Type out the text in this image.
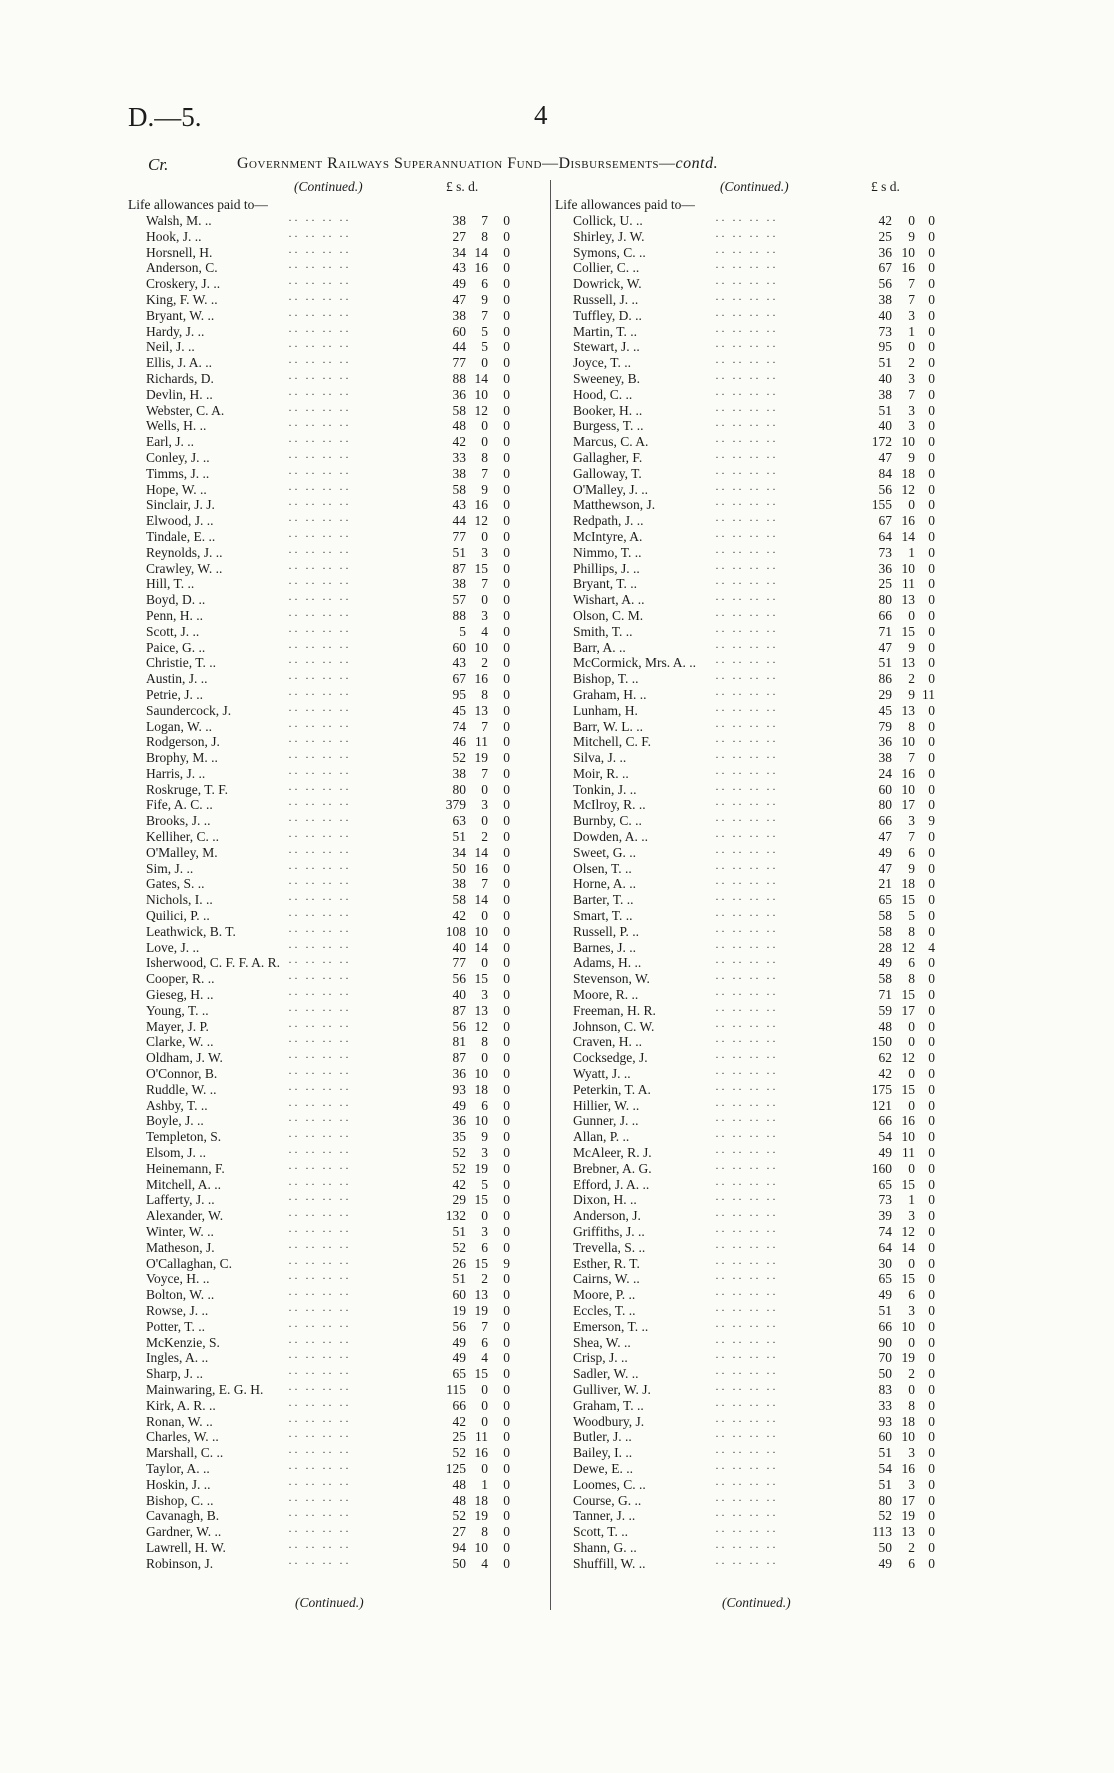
D.—5.	4
Cr.	Government Railways Superannuation Fund—Disbursements—contd.
(Continued.)	£ s. d.
Life allowances paid to—
Walsh, M. ..	·· ·· ·· ··	38	7	0
Hook, J. ..	·· ·· ·· ··	27	8	0
Horsnell, H.	·· ·· ·· ··	34 14	0
Anderson, C.	·· ·· ·· ··	43 16	0
Croskery, J. ..	·· ·· ·· ··	49	6	0
King, F. W. ..	·· ·· ·· ··	47	9	0
Bryant, W. ..	·· ·· ·· ··	38	7	0
Hardy, J. ..	·· ·· ·· ··	60	5	0
Neil, J. ..	·· ·· ·· ··	44	5	0
Ellis, J. A. ..	·· ·· ·· ··	77	0	0
Richards, D.	·· ·· ·· ··	88 14	0
Devlin, H. ..	·· ·· ·· ··	36 10	0
Webster, C. A.	·· ·· ·· ··	58 12	0
Wells, H. ..	·· ·· ·· ··	48	0	0
Earl, J. ..	·· ·· ·· ··	42	0	0
Conley, J. ..	·· ·· ·· ··	33	8	0
Timms, J. ..	·· ·· ·· ··	38	7	0
Hope, W. ..	·· ·· ·· ··	58	9	0
Sinclair, J. J.	·· ·· ·· ··	43 16	0
Elwood, J. ..	·· ·· ·· ··	44 12	0
Tindale, E. ..	·· ·· ·· ··	77	0	0
Reynolds, J. ..	·· ·· ·· ··	51	3	0
Crawley, W. ..	·· ·· ·· ··	87 15	0
Hill, T. ..	·· ·· ·· ··	38	7	0
Boyd, D. ..	·· ·· ·· ··	57	0	0
Penn, H. ..	·· ·· ·· ··	88	3	0
Scott, J. ..	·· ·· ·· ··	5	4	0
Paice, G. ..	·· ·· ·· ··	60 10	0
Christie, T. ..	·· ·· ·· ··	43	2	0
Austin, J. ..	·· ·· ·· ··	67 16	0
Petrie, J. ..	·· ·· ·· ··	95	8	0
Saundercock, J.	·· ·· ·· ··	45 13	0
Logan, W. ..	·· ·· ·· ··	74	7	0
Rodgerson, J.	·· ·· ·· ··	46 11	0
Brophy, M. ..	·· ·· ·· ··	52 19	0
Harris, J. ..	·· ·· ·· ··	38	7	0
Roskruge, T. F.	·· ·· ·· ··	80	0	0
Fife, A. C. ..	·· ·· ·· ··	379	3	0
Brooks, J. ..	·· ·· ·· ··	63	0	0
Kelliher, C. ..	·· ·· ·· ··	51	2	0
O'Malley, M.	·· ·· ·· ··	34 14	0
Sim, J. ..	·· ·· ·· ··	50 16	0
Gates, S. ..	·· ·· ·· ··	38	7	0
Nichols, I. ..	·· ·· ·· ··	58 14	0
Quilici, P. ..	·· ·· ·· ··	42	0	0
Leathwick, B. T.	·· ·· ·· ··	108 10	0
Love, J. ..	·· ·· ·· ··	40 14	0
Isherwood, C. F. F. A. R. ·· ·· ·· ··	77	0	0
Cooper, R. ..	·· ·· ·· ··	56 15	0
Gieseg, H. ..	·· ·· ·· ··	40	3	0
Young, T. ..	·· ·· ·· ··	87 13	0
Mayer, J. P.	·· ·· ·· ··	56 12	0
Clarke, W. ..	·· ·· ·· ··	81	8	0
Oldham, J. W.	·· ·· ·· ··	87	0	0
O'Connor, B.	·· ·· ·· ··	36 10	0
Ruddle, W. ..	·· ·· ·· ··	93 18	0
Ashby, T. ..	·· ·· ·· ··	49	6	0
Boyle, J. ..	·· ·· ·· ··	36 10	0
Templeton, S.	·· ·· ·· ··	35	9	0
Elsom, J. ..	·· ·· ·· ··	52	3	0
Heinemann, F.	·· ·· ·· ··	52 19	0
Mitchell, A. ..	·· ·· ·· ··	42	5	0
Lafferty, J. ..	·· ·· ·· ··	29 15	0
Alexander, W.	·· ·· ·· ··	132	0	0
Winter, W. ..	·· ·· ·· ··	51	3	0
Matheson, J.	·· ·· ·· ··	52	6	0
O'Callaghan, C.	·· ·· ·· ··	26 15	9
Voyce, H. ..	·· ·· ·· ··	51	2	0
Bolton, W. ..	·· ·· ·· ··	60 13	0
Rowse, J. ..	·· ·· ·· ··	19 19	0
Potter, T. ..	·· ·· ·· ··	56	7	0
McKenzie, S.	·· ·· ·· ··	49	6	0
Ingles, A. ..	·· ·· ·· ··	49	4	0
Sharp, J. ..	·· ·· ·· ··	65 15	0
Mainwaring, E. G. H. ·· ·· ·· ··	115	0	0
Kirk, A. R. ..	·· ·· ·· ··	66	0	0
Ronan, W. ..	·· ·· ·· ··	42	0	0
Charles, W. ..	·· ·· ·· ··	25 11	0
Marshall, C. ..	·· ·· ·· ··	52 16	0
Taylor, A. ..	·· ·· ·· ··	125	0	0
Hoskin, J. ..	·· ·· ·· ··	48	1	0
Bishop, C. ..	·· ·· ·· ··	48 18	0
Cavanagh, B.	·· ·· ·· ··	52 19	0
Gardner, W. ..	·· ·· ·· ··	27	8	0
Lawrell, H. W.	·· ·· ·· ··	94 10	0
Robinson, J.	·· ·· ·· ··	50	4	0
(Continued.)	£ s d.
Life allowances paid to—
Collick, U. ..	·· ·· ·· ··	42	0 0
Shirley, J. W.	·· ·· ·· ··	25	9 0
Symons, C. ..	·· ·· ·· ··	36 10 0
Collier, C. ..	·· ·· ·· ··	67 16 0
Dowrick, W.	·· ·· ·· ··	56	7 0
Russell, J. ..	·· ·· ·· ··	38	7 0
Tuffley, D. ..	·· ·· ·· ··	40	3 0
Martin, T. ..	·· ·· ·· ··	73	1 0
Stewart, J. ..	·· ·· ·· ··	95	0 0
Joyce, T. ..	·· ·· ·· ··	51	2 0
Sweeney, B.	·· ·· ·· ··	40	3 0
Hood, C. ..	·· ·· ·· ··	38	7 0
Booker, H. ..	·· ·· ·· ··	51	3 0
Burgess, T. ..	·· ·· ·· ··	40	3 0
Marcus, C. A.	·· ·· ·· ··	172 10 0
Gallagher, F.	·· ·· ·· ··	47	9 0
Galloway, T.	·· ·· ·· ··	84 18 0
O'Malley, J. ..	·· ·· ·· ··	56 12 0
Matthewson, J.	·· ·· ·· ··	155	0 0
Redpath, J. ..	·· ·· ·· ··	67 16 0
McIntyre, A.	·· ·· ·· ··	64 14 0
Nimmo, T. ..	·· ·· ·· ··	73	1 0
Phillips, J. ..	·· ·· ·· ··	36 10 0
Bryant, T. ..	·· ·· ·· ··	25 11 0
Wishart, A. ..	·· ·· ·· ··	80 13 0
Olson, C. M.	·· ·· ·· ··	66	0 0
Smith, T. ..	·· ·· ·· ··	71 15 0
Barr, A. ..	·· ·· ·· ··	47	9 0
McCormick, Mrs. A. .. ·· ·· ·· ··	51 13 0
Bishop, T. ..	·· ·· ·· ··	86	2 0
Graham, H. ..	·· ·· ·· ··	29	9 11
Lunham, H.	·· ·· ·· ··	45 13 0
Barr, W. L. ..	·· ·· ·· ··	79	8 0
Mitchell, C. F.	·· ·· ·· ··	36 10 0
Silva, J. ..	·· ·· ·· ··	38	7 0
Moir, R. ..	·· ·· ·· ··	24 16 0
Tonkin, J. ..	·· ·· ·· ··	60 10 0
McIlroy, R. ..	·· ·· ·· ··	80 17 0
Burnby, C. ..	·· ·· ·· ··	66	3 9
Dowden, A. ..	·· ·· ·· ··	47	7 0
Sweet, G. ..	·· ·· ·· ··	49	6 0
Olsen, T. ..	·· ·· ·· ··	47	9 0
Horne, A. ..	·· ·· ·· ··	21 18 0
Barter, T. ..	·· ·· ·· ··	65 15 0
Smart, T. ..	·· ·· ·· ··	58	5 0
Russell, P. ..	·· ·· ·· ··	58	8 0
Barnes, J. ..	·· ·· ·· ··	28 12 4
Adams, H. ..	·· ·· ·· ··	49	6 0
Stevenson, W.	·· ·· ·· ··	58	8 0
Moore, R. ..	·· ·· ·· ··	71 15 0
Freeman, H. R.	·· ·· ·· ··	59 17 0
Johnson, C. W.	·· ·· ·· ··	48	0 0
Craven, H. ..	·· ·· ·· ··	150	0 0
Cocksedge, J.	·· ·· ·· ··	62 12 0
Wyatt, J. ..	·· ·· ·· ··	42	0 0
Peterkin, T. A.	·· ·· ·· ··	175 15 0
Hillier, W. ..	·· ·· ·· ··	121	0 0
Gunner, J. ..	·· ·· ·· ··	66 16 0
Allan, P. ..	·· ·· ·· ··	54 10 0
McAleer, R. J.	·· ·· ·· ··	49 11 0
Brebner, A. G.	·· ·· ·· ··	160	0 0
Efford, J. A. ..	·· ·· ·· ··	65 15 0
Dixon, H. ..	·· ·· ·· ··	73	1 0
Anderson, J.	·· ·· ·· ··	39	3 0
Griffiths, J. ..	·· ·· ·· ··	74 12 0
Trevella, S. ..	·· ·· ·· ··	64 14 0
Esther, R. T.	·· ·· ·· ··	30	0 0
Cairns, W. ..	·· ·· ·· ··	65 15 0
Moore, P. ..	·· ·· ·· ··	49	6 0
Eccles, T. ..	·· ·· ·· ··	51	3 0
Emerson, T. ..	·· ·· ·· ··	66 10 0
Shea, W. ..	·· ·· ·· ··	90	0 0
Crisp, J. ..	·· ·· ·· ··	70 19 0
Sadler, W. ..	·· ·· ·· ··	50	2 0
Gulliver, W. J.	·· ·· ·· ··	83	0 0
Graham, T. ..	·· ·· ·· ··	33	8 0
Woodbury, J.	·· ·· ·· ··	93 18 0
Butler, J. ..	·· ·· ·· ··	60 10 0
Bailey, I. ..	·· ·· ·· ··	51	3 0
Dewe, E. ..	·· ·· ·· ··	54 16 0
Loomes, C. ..	·· ·· ·· ··	51	3 0
Course, G. ..	·· ·· ·· ··	80 17 0
Tanner, J. ..	·· ·· ·· ··	52 19 0
Scott, T. ..	·· ·· ·· ··	113 13 0
Shann, G. ..	·· ·· ·· ··	50	2 0
Shuffill, W. ..	·· ·· ·· ··	49	6 0
(Continued.)	(Continued.)
